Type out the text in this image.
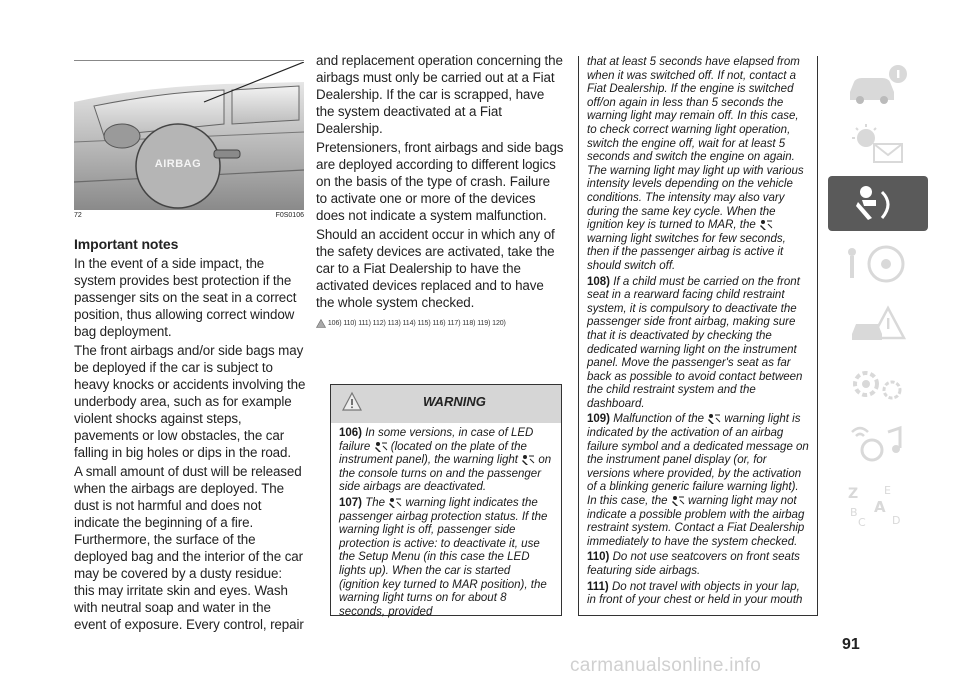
AIRBAG
72	F0S0106

Important notes

In the event of a side impact, the system provides best protection if the passenger sits on the seat in a correct position, thus allowing correct window bag deployment.

The front airbags and/or side bags may be deployed if the car is subject to heavy knocks or accidents involving the underbody area, such as for example violent shocks against steps, pavements or low obstacles, the car falling in big holes or dips in the road.

A small amount of dust will be released when the airbags are deployed. The dust is not harmful and does not indicate the beginning of a fire. Furthermore, the surface of the deployed bag and the interior of the car may be covered by a dusty residue: this may irritate skin and eyes. Wash with neutral soap and water in the event of exposure. Every control, repair

and replacement operation concerning the airbags must only be carried out at a Fiat Dealership. If the car is scrapped, have the system deactivated at a Fiat Dealership.

Pretensioners, front airbags and side bags are deployed according to different logics on the basis of the type of crash. Failure to activate one or more of the devices does not indicate a system malfunction.

Should an accident occur in which any of the safety devices are activated, take the car to a Fiat Dealership to have the activated devices replaced and to have the whole system checked.

106) 110) 111) 112) 113) 114) 115) 116) 117) 118) 119) 120)
WARNING

106) In some versions, in case of LED failure (located on the plate of the instrument panel), the warning light on the console turns on and the passenger side airbags are deactivated.

107) The warning light indicates the passenger airbag protection status. If the warning light is off, passenger side protection is active: to deactivate it, use the Setup Menu (in this case the LED lights up). When the car is started (ignition key turned to MAR position), the warning light turns on for about 8 seconds, provided

that at least 5 seconds have elapsed from when it was switched off. If not, contact a Fiat Dealership. If the engine is switched off/on again in less than 5 seconds the warning light may remain off. In this case, to check correct warning light operation, switch the engine off, wait for at least 5 seconds and switch the engine on again. The warning light may light up with various intensity levels depending on the vehicle conditions. The intensity may also vary during the same key cycle. When the ignition key is turned to MAR, the  warning light switches for few seconds, then if the passenger airbag is active it should switch off.

108) If a child must be carried on the front seat in a rearward facing child restraint system, it is compulsory to deactivate the passenger side front airbag, making sure that it is deactivated by checking the dedicated warning light on the instrument panel. Move the passenger's seat as far back as possible to avoid contact between the child restraint system and the dashboard.

109) Malfunction of the warning light is indicated by the activation of an airbag failure symbol and a dedicated message on the instrument panel display (or, for versions where provided, by the activation of a blinking generic failure warning light). In this case, the warning light may not indicate a possible problem with the airbag restraint system. Contact a Fiat Dealership immediately to have the system checked.

110) Do not use seatcovers on front seats featuring side airbags.

111) Do not travel with objects in your lap, in front of your chest or held in your mouth

Z E
B A
C D
91
carmanualsonline.info
